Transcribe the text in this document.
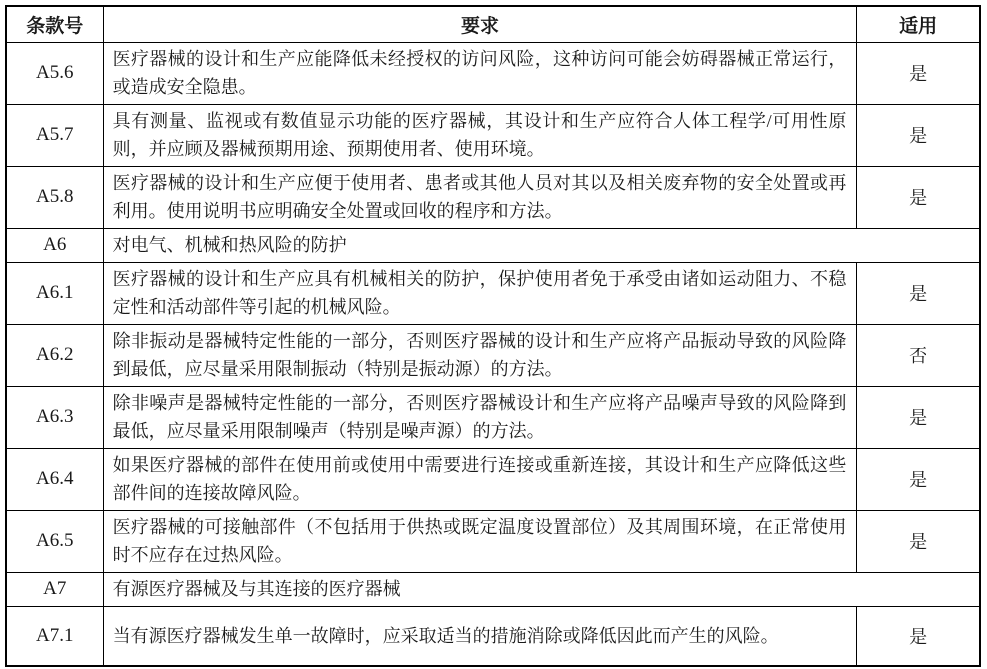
条款号	要求	适用
A5.6	医疗器械的设计和生产应能降低未经授权的访问风险，这种访问可能会妨碍器械正常运行，或造成安全隐患。	是
A5.7	具有测量、监视或有数值显示功能的医疗器械，其设计和生产应符合人体工程学/可用性原则，并应顾及器械预期用途、预期使用者、使用环境。	是
A5.8	医疗器械的设计和生产应便于使用者、患者或其他人员对其以及相关废弃物的安全处置或再利用。使用说明书应明确安全处置或回收的程序和方法。	是
A6	对电气、机械和热风险的防护	
A6.1	医疗器械的设计和生产应具有机械相关的防护，保护使用者免于承受由诸如运动阻力、不稳定性和活动部件等引起的机械风险。	是
A6.2	除非振动是器械特定性能的一部分，否则医疗器械的设计和生产应将产品振动导致的风险降到最低，应尽量采用限制振动（特别是振动源）的方法。	否
A6.3	除非噪声是器械特定性能的一部分，否则医疗器械设计和生产应将产品噪声导致的风险降到最低，应尽量采用限制噪声（特别是噪声源）的方法。	是
A6.4	如果医疗器械的部件在使用前或使用中需要进行连接或重新连接，其设计和生产应降低这些部件间的连接故障风险。	是
A6.5	医疗器械的可接触部件（不包括用于供热或既定温度设置部位）及其周围环境，在正常使用时不应存在过热风险。	是
A7	有源医疗器械及与其连接的医疗器械	
A7.1	当有源医疗器械发生单一故障时，应采取适当的措施消除或降低因此而产生的风险。	是
